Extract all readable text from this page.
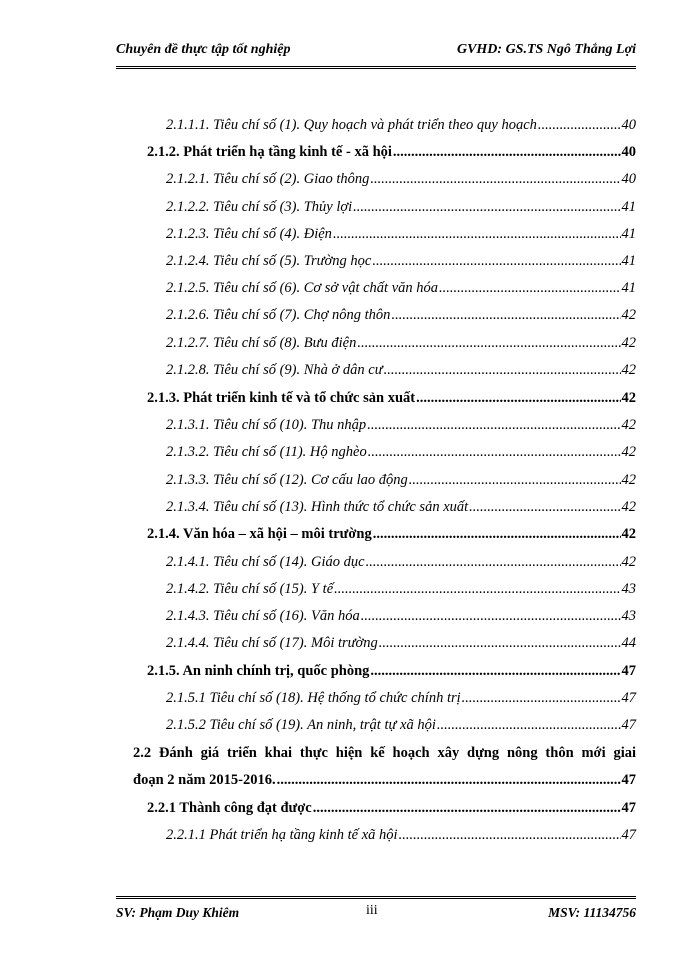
Chuyên đề thực tập tốt nghiệp	GVHD: GS.TS Ngô Thắng Lợi
2.1.1.1. Tiêu chí số (1). Quy hoạch và phát triển theo quy hoạch .....	40
2.1.2. Phát triển hạ tầng kinh tế - xã hội .....	40
2.1.2.1. Tiêu chí số (2). Giao thông .....	40
2.1.2.2. Tiêu chí số (3). Thủy lợi .....	41
2.1.2.3. Tiêu chí số (4). Điện .....	41
2.1.2.4. Tiêu chí số (5). Trường học .....	41
2.1.2.5. Tiêu chí số (6). Cơ sở vật chất văn hóa .....	41
2.1.2.6. Tiêu chí số (7). Chợ nông thôn .....	42
2.1.2.7. Tiêu chí số (8). Bưu điện .....	42
2.1.2.8. Tiêu chí số (9). Nhà ở dân cư .....	42
2.1.3. Phát triển kinh tế và tổ chức sản xuất .....	42
2.1.3.1. Tiêu chí số (10). Thu nhập .....	42
2.1.3.2. Tiêu chí số (11). Hộ nghèo .....	42
2.1.3.3. Tiêu chí số (12). Cơ cấu lao động .....	42
2.1.3.4. Tiêu chí số (13). Hình thức tổ chức sản xuất .....	42
2.1.4. Văn hóa – xã hội – môi trường .....	42
2.1.4.1. Tiêu chí số (14). Giáo dục .....	42
2.1.4.2. Tiêu chí số (15). Y tế .....	43
2.1.4.3. Tiêu chí số (16). Văn hóa .....	43
2.1.4.4. Tiêu chí số (17). Môi trường .....	44
2.1.5. An ninh chính trị, quốc phòng .....	47
2.1.5.1 Tiêu chí số (18). Hệ thống tổ chức chính trị .....	47
2.1.5.2 Tiêu chí số (19). An ninh, trật tự xã hội .....	47
2.2 Đánh giá triển khai thực hiện kế hoạch xây dựng nông thôn mới giai
đoạn 2 năm 2015-2016. .....	47
2.2.1 Thành công đạt được .....	47
2.2.1.1 Phát triển hạ tầng kinh tế xã hội .....	47
SV: Phạm Duy Khiêm	iii	MSV: 11134756
